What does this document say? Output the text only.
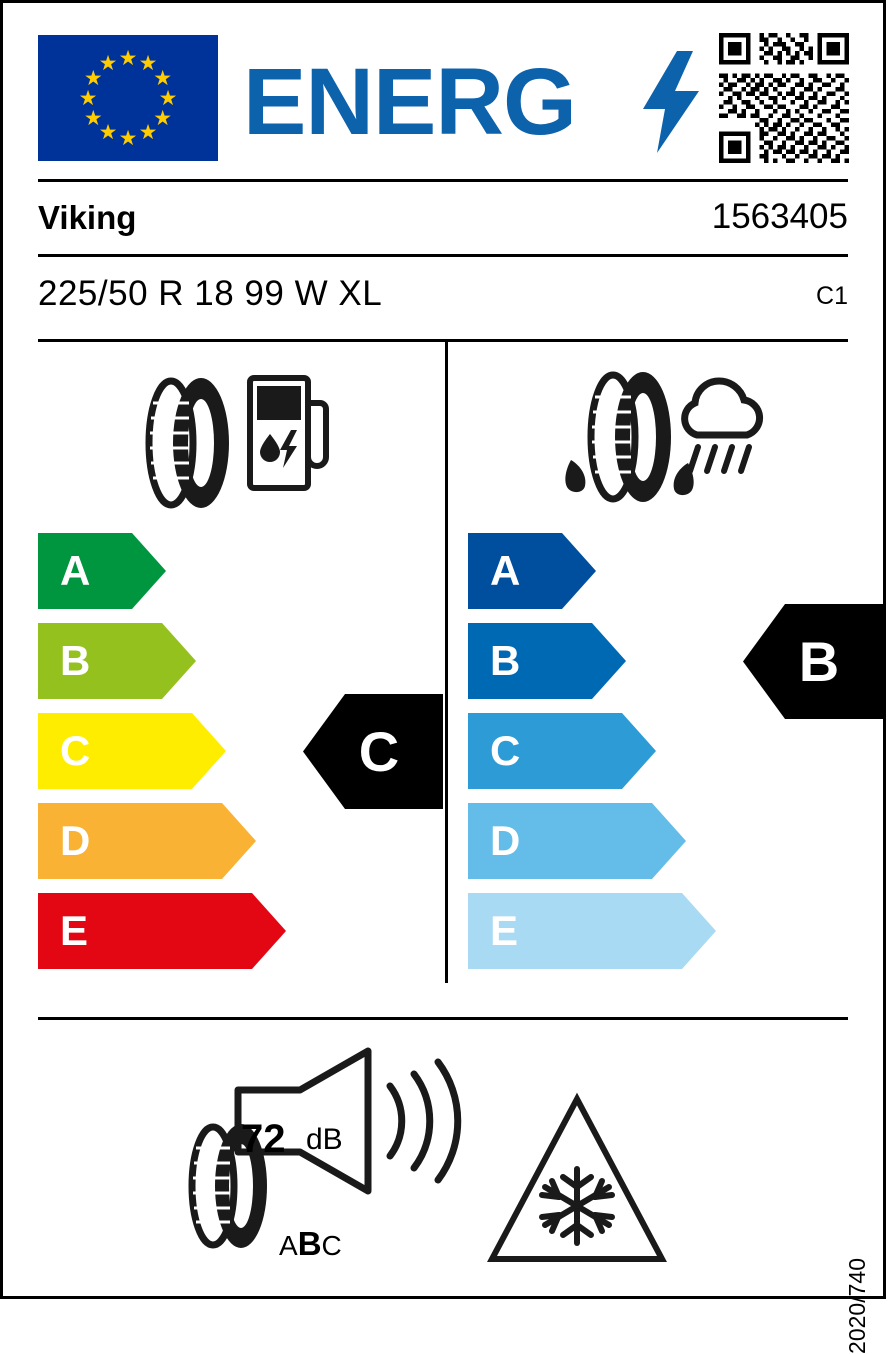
★ ★
★
★
★
★
★
★
★
★
★
★ ENERG
Viking	1563405
225/50 R 18 99 W XL	C1
A
B
C
D
E
C
A
B
C
D
E
B
72 dB
ABC
2020/740
